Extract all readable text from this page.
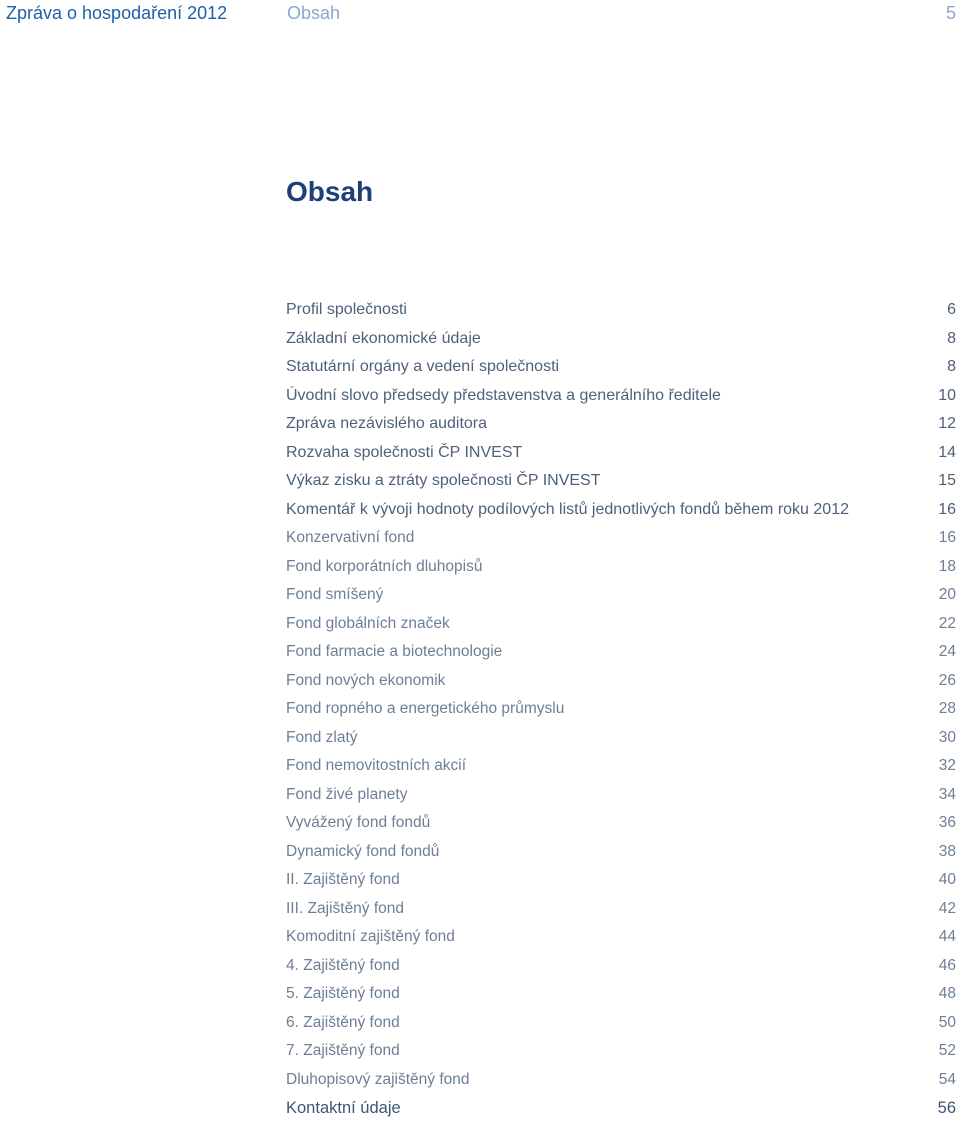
Zpráva o hospodaření 2012	Obsah	5
Obsah
Profil společnosti	6
Základní ekonomické údaje	8
Statutární orgány a vedení společnosti	8
Úvodní slovo předsedy představenstva a generálního ředitele	10
Zpráva nezávislého auditora	12
Rozvaha společnosti ČP INVEST	14
Výkaz zisku a ztráty společnosti ČP INVEST	15
Komentář k vývoji hodnoty podílových listů jednotlivých fondů během roku 2012	16
Konzervativní fond	16
Fond korporátních dluhopisů	18
Fond smíšený	20
Fond globálních značek	22
Fond farmacie a biotechnologie	24
Fond nových ekonomik	26
Fond ropného a energetického průmyslu	28
Fond zlatý	30
Fond nemovitostních akcií	32
Fond živé planety	34
Vyvážený fond fondů	36
Dynamický fond fondů	38
II. Zajištěný fond	40
III. Zajištěný fond	42
Komoditní zajištěný fond	44
4. Zajištěný fond	46
5. Zajištěný fond	48
6. Zajištěný fond	50
7. Zajištěný fond	52
Dluhopisový zajištěný fond	54
Kontaktní údaje	56
